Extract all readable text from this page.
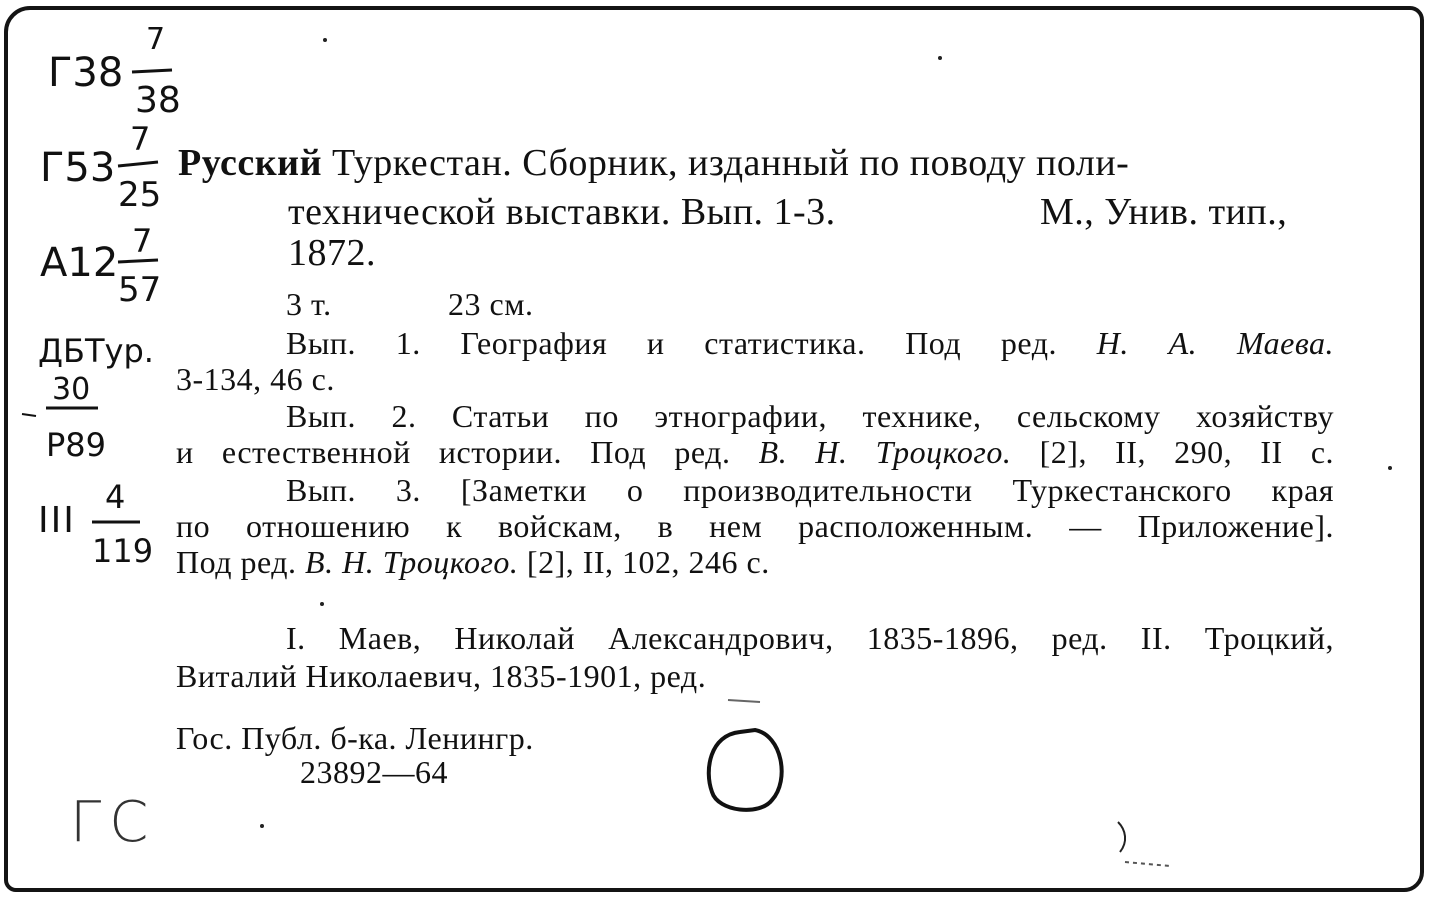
Г38
7
38
Г53
7
25
A12 7
57
ДБТур.
30
P89
III
4
119
ГС
Русский Туркестан. Сборник, изданный по поводу поли-
технической выставки. Вып. 1-3.	М., Унив. тип.,
1872.
3 т.	23 см.
Вып. 1. География и статистика. Под ред. Н. А. Маева.
3-134, 46 с.
Вып. 2. Статьи по этнографии, технике, сельскому хозяйству
и естественной истории. Под ред. В. Н. Троцкого. [2], II, 290, II с.
Вып. 3. [Заметки о производительности Туркестанского края
по отношению к войскам, в нем расположенным. — Приложение].
Под ред. В. Н. Троцкого. [2], II, 102, 246 с.
I. Маев, Николай Александрович, 1835-1896, ред. II. Троцкий,
Виталий Николаевич, 1835-1901, ред.
Гос. Публ. б-ка. Ленингр.
23892—64
